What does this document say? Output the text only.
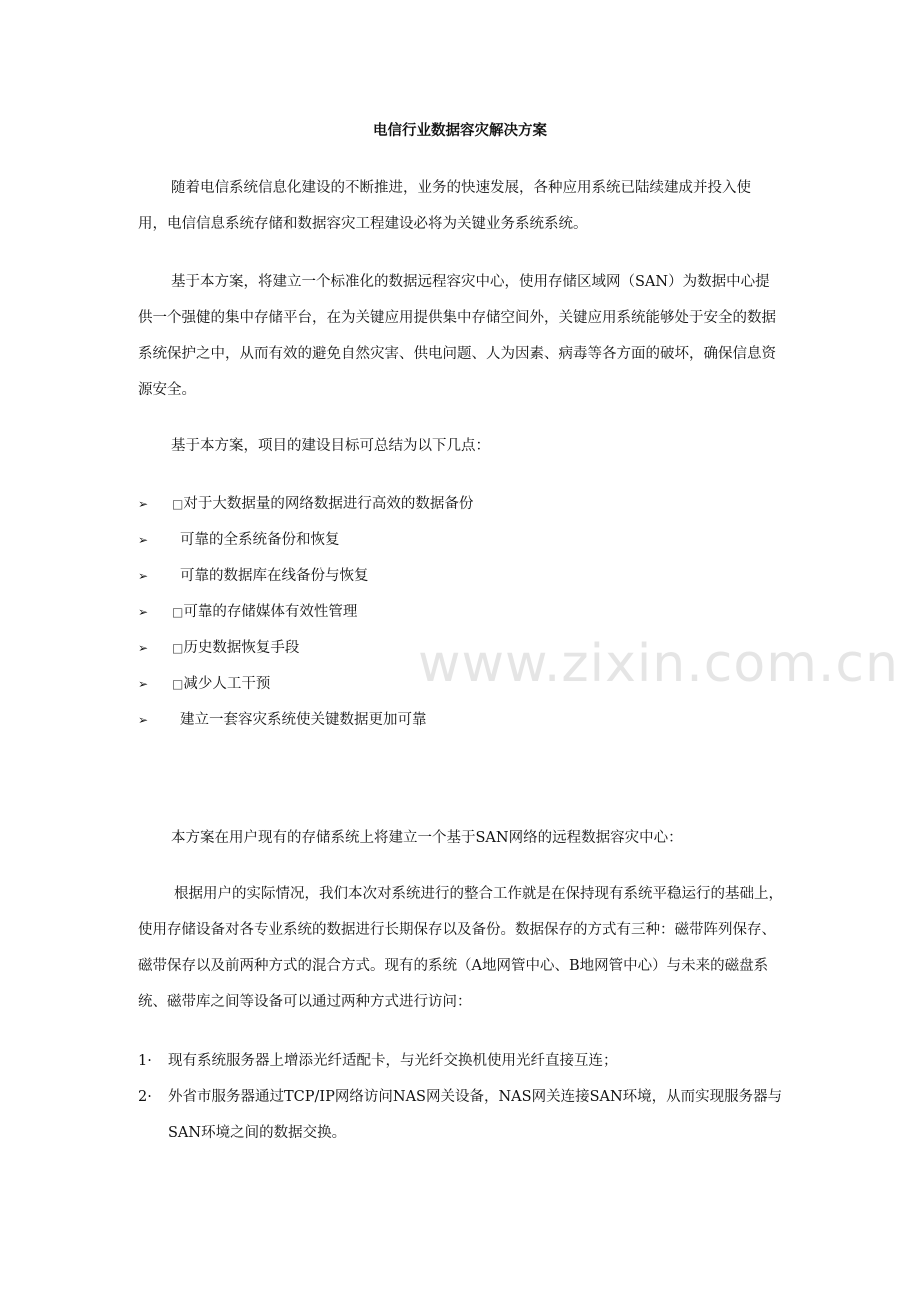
电信行业数据容灾解决方案

随着电信系统信息化建设的不断推进，业务的快速发展，各种应用系统已陆续建成并投入使用，电信信息系统存储和数据容灾工程建设必将为关键业务系统系统。

基于本方案，将建立一个标准化的数据远程容灾中心，使用存储区域网（SAN）为数据中心提供一个强健的集中存储平台，在为关键应用提供集中存储空间外，关键应用系统能够处于安全的数据系统保护之中，从而有效的避免自然灾害、供电问题、人为因素、病毒等各方面的破坏，确保信息资源安全。

基于本方案，项目的建设目标可总结为以下几点：

➢ □对于大数据量的网络数据进行高效的数据备份
➢ 可靠的全系统备份和恢复
➢ 可靠的数据库在线备份与恢复
➢ □可靠的存储媒体有效性管理
➢ □历史数据恢复手段
➢ □减少人工干预
➢ 建立一套容灾系统使关键数据更加可靠
www.zixin.com.cn

本方案在用户现有的存储系统上将建立一个基于SAN网络的远程数据容灾中心：

根据用户的实际情况，我们本次对系统进行的整合工作就是在保持现有系统平稳运行的基础上，使用存储设备对各专业系统的数据进行长期保存以及备份。数据保存的方式有三种：磁带阵列保存、磁带保存以及前两种方式的混合方式。现有的系统（A地网管中心、B地网管中心）与未来的磁盘系统、磁带库之间等设备可以通过两种方式进行访问：

1· 现有系统服务器上增添光纤适配卡，与光纤交换机使用光纤直接互连；
2· 外省市服务器通过TCP/IP网络访问NAS网关设备，NAS网关连接SAN环境，从而实现服务器与SAN环境之间的数据交换。
